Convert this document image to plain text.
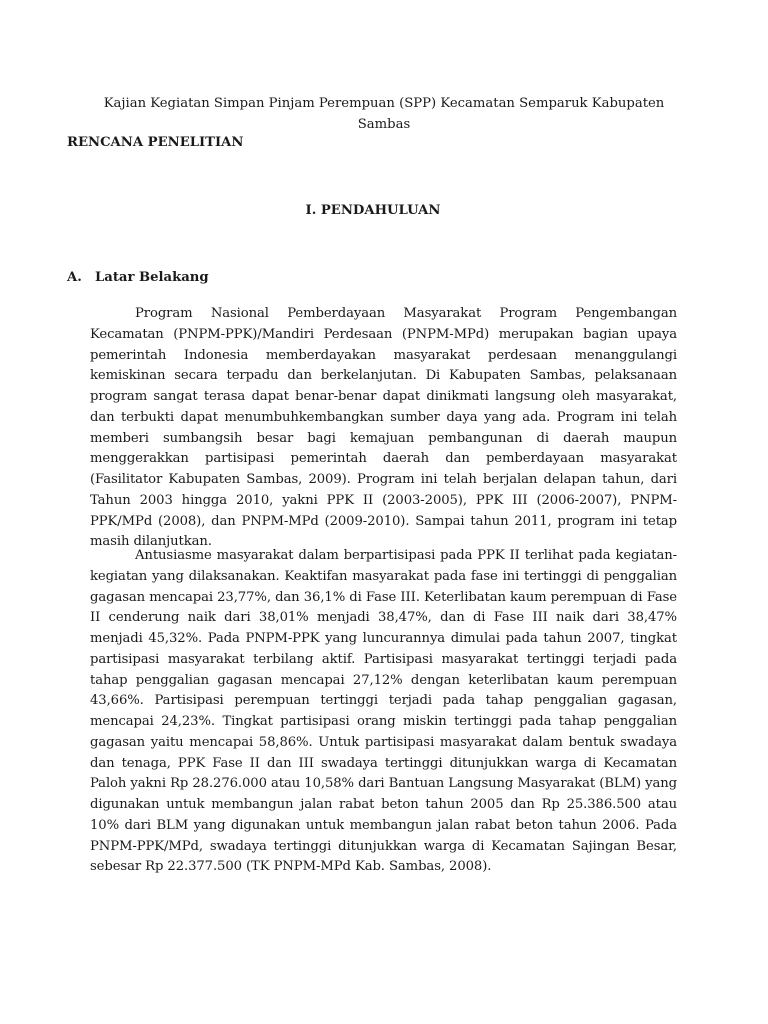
Kajian Kegiatan Simpan Pinjam Perempuan (SPP) Kecamatan Semparuk Kabupaten Sambas

RENCANA PENELITIAN

I. PENDAHULUAN

A. Latar Belakang

Program Nasional Pemberdayaan Masyarakat Program Pengembangan Kecamatan (PNPM-PPK)/Mandiri Perdesaan (PNPM-MPd) merupakan bagian upaya pemerintah Indonesia memberdayakan masyarakat perdesaan menanggulangi kemiskinan secara terpadu dan berkelanjutan. Di Kabupaten Sambas, pelaksanaan program sangat terasa dapat benar-benar dapat dinikmati langsung oleh masyarakat, dan terbukti dapat menumbuhkembangkan sumber daya yang ada. Program ini telah memberi sumbangsih besar bagi kemajuan pembangunan di daerah maupun menggerakkan partisipasi pemerintah daerah dan pemberdayaan masyarakat (Fasilitator Kabupaten Sambas, 2009). Program ini telah berjalan delapan tahun, dari Tahun 2003 hingga 2010, yakni PPK II (2003-2005), PPK III (2006-2007), PNPM-PPK/MPd (2008), dan PNPM-MPd (2009-2010). Sampai tahun 2011, program ini tetap masih dilanjutkan.

Antusiasme masyarakat dalam berpartisipasi pada PPK II terlihat pada kegiatan-kegiatan yang dilaksanakan. Keaktifan masyarakat pada fase ini tertinggi di penggalian gagasan mencapai 23,77%, dan 36,1% di Fase III. Keterlibatan kaum perempuan di Fase II cenderung naik dari 38,01% menjadi 38,47%, dan di Fase III naik dari 38,47% menjadi 45,32%. Pada PNPM-PPK yang luncurannya dimulai pada tahun 2007, tingkat partisipasi masyarakat terbilang aktif. Partisipasi masyarakat tertinggi terjadi pada tahap penggalian gagasan mencapai 27,12% dengan keterlibatan kaum perempuan 43,66%. Partisipasi perempuan tertinggi terjadi pada tahap penggalian gagasan, mencapai 24,23%. Tingkat partisipasi orang miskin tertinggi pada tahap penggalian gagasan yaitu mencapai 58,86%. Untuk partisipasi masyarakat dalam bentuk swadaya dan tenaga, PPK Fase II dan III swadaya tertinggi ditunjukkan warga di Kecamatan Paloh yakni Rp 28.276.000 atau 10,58% dari Bantuan Langsung Masyarakat (BLM) yang digunakan untuk membangun jalan rabat beton tahun 2005 dan Rp 25.386.500 atau 10% dari BLM yang digunakan untuk membangun jalan rabat beton tahun 2006. Pada PNPM-PPK/MPd, swadaya tertinggi ditunjukkan warga di Kecamatan Sajingan Besar, sebesar Rp 22.377.500 (TK PNPM-MPd Kab. Sambas, 2008).
